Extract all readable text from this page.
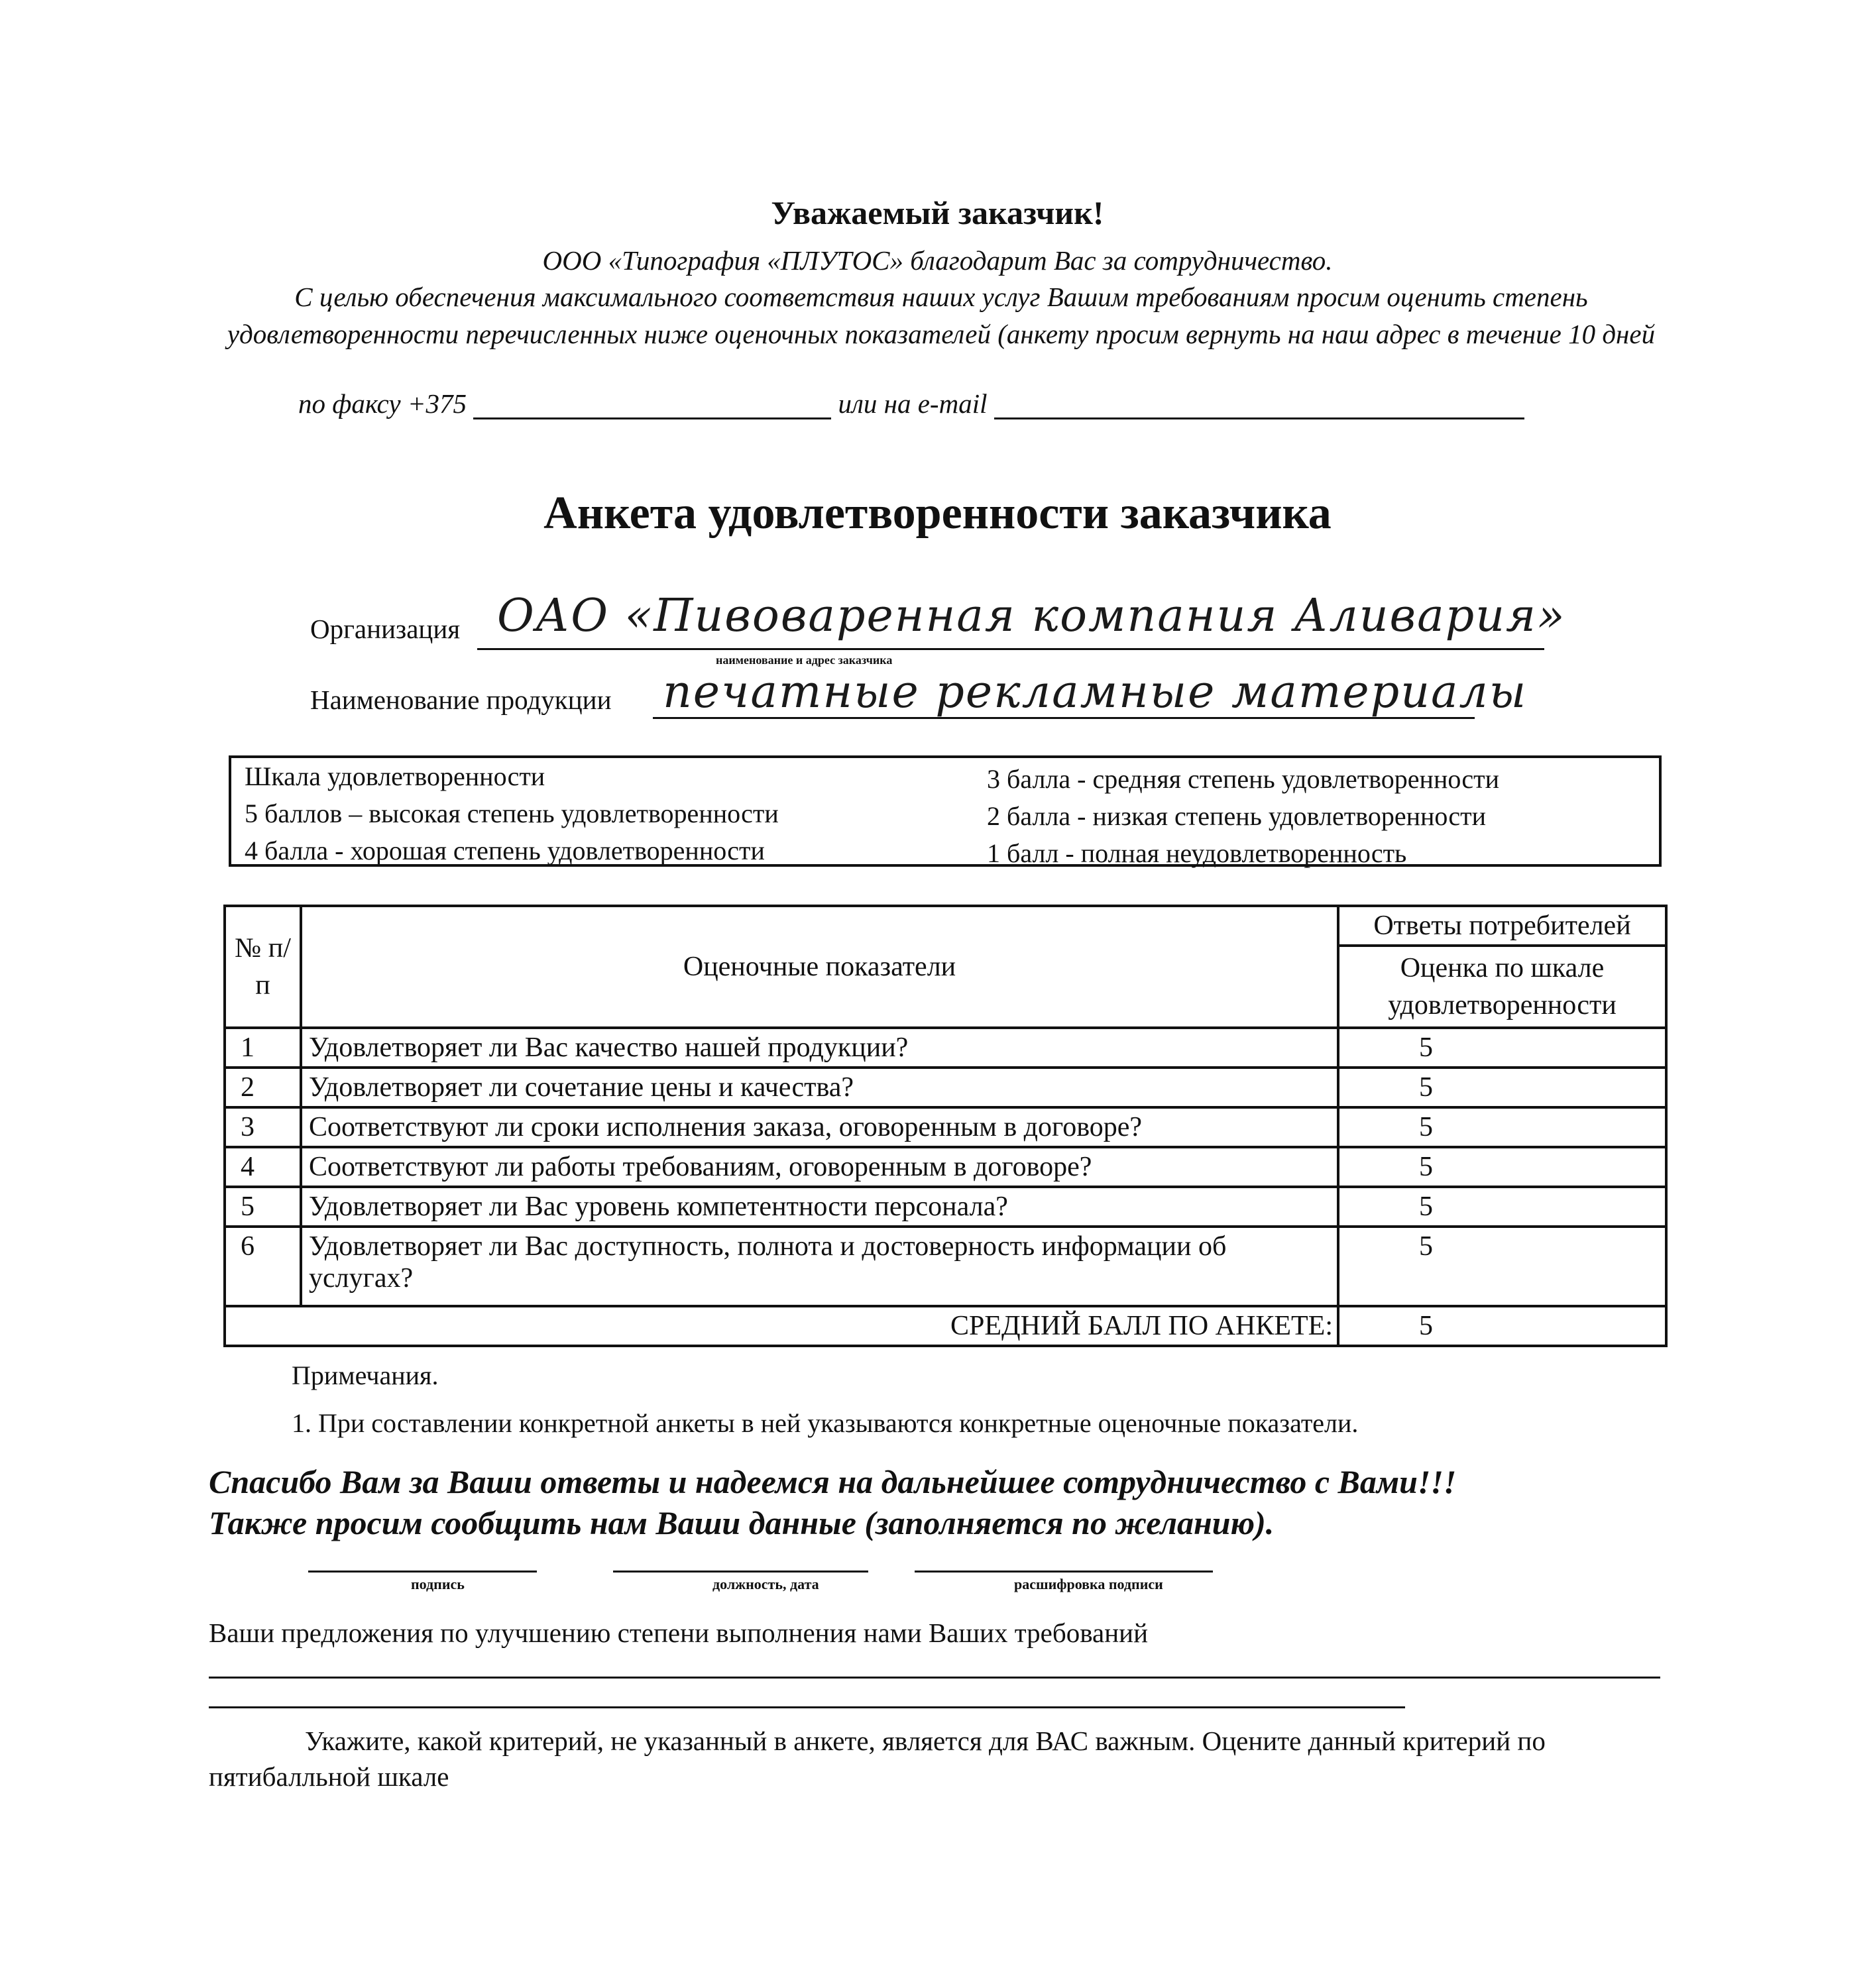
Уважаемый заказчик!
ООО «Типография «ПЛУТОС» благодарит Вас за сотрудничество.
С целью обеспечения максимального соответствия наших услуг Вашим требованиям просим оценить степень удовлетворенности перечисленных ниже оценочных показателей (анкету просим вернуть на наш адрес в течение 10 дней
по факсу +375	или на e-mail
Анкета удовлетворенности заказчика
Организация ОАО «Пивоваренная компания Аливария»
наименование и адрес заказчика
Наименование продукции печатные рекламные материалы
Шкала удовлетворенности
5 баллов – высокая степень удовлетворенности
4 балла - хорошая степень удовлетворенности
3 балла - средняя степень удовлетворенности
2 балла - низкая степень удовлетворенности
1 балл - полная неудовлетворенность
№ п/п	Оценочные показатели	Ответы потребителей
		Оценка по шкале удовлетворенности
1	Удовлетворяет ли Вас качество нашей продукции?	5
2	Удовлетворяет ли сочетание цены и качества?	5
3	Соответствуют ли сроки исполнения заказа, оговоренным в договоре?	5
4	Соответствуют ли работы требованиям, оговоренным в договоре?	5
5	Удовлетворяет ли Вас уровень компетентности персонала?	5
6	Удовлетворяет ли Вас доступность, полнота и достоверность информации об услугах?	5
СРЕДНИЙ БАЛЛ ПО АНКЕТЕ:		5
Примечания.
1. При составлении конкретной анкеты в ней указываются конкретные оценочные показатели.
Спасибо Вам за Ваши ответы и надеемся на дальнейшее сотрудничество с Вами!!!
Также просим сообщить нам Ваши данные (заполняется по желанию).
подпись	должность, дата	расшифровка подписи
Ваши предложения по улучшению степени выполнения нами Ваших требований
Укажите, какой критерий, не указанный в анкете, является для ВАС важным. Оцените данный критерий по пятибалльной шкале
